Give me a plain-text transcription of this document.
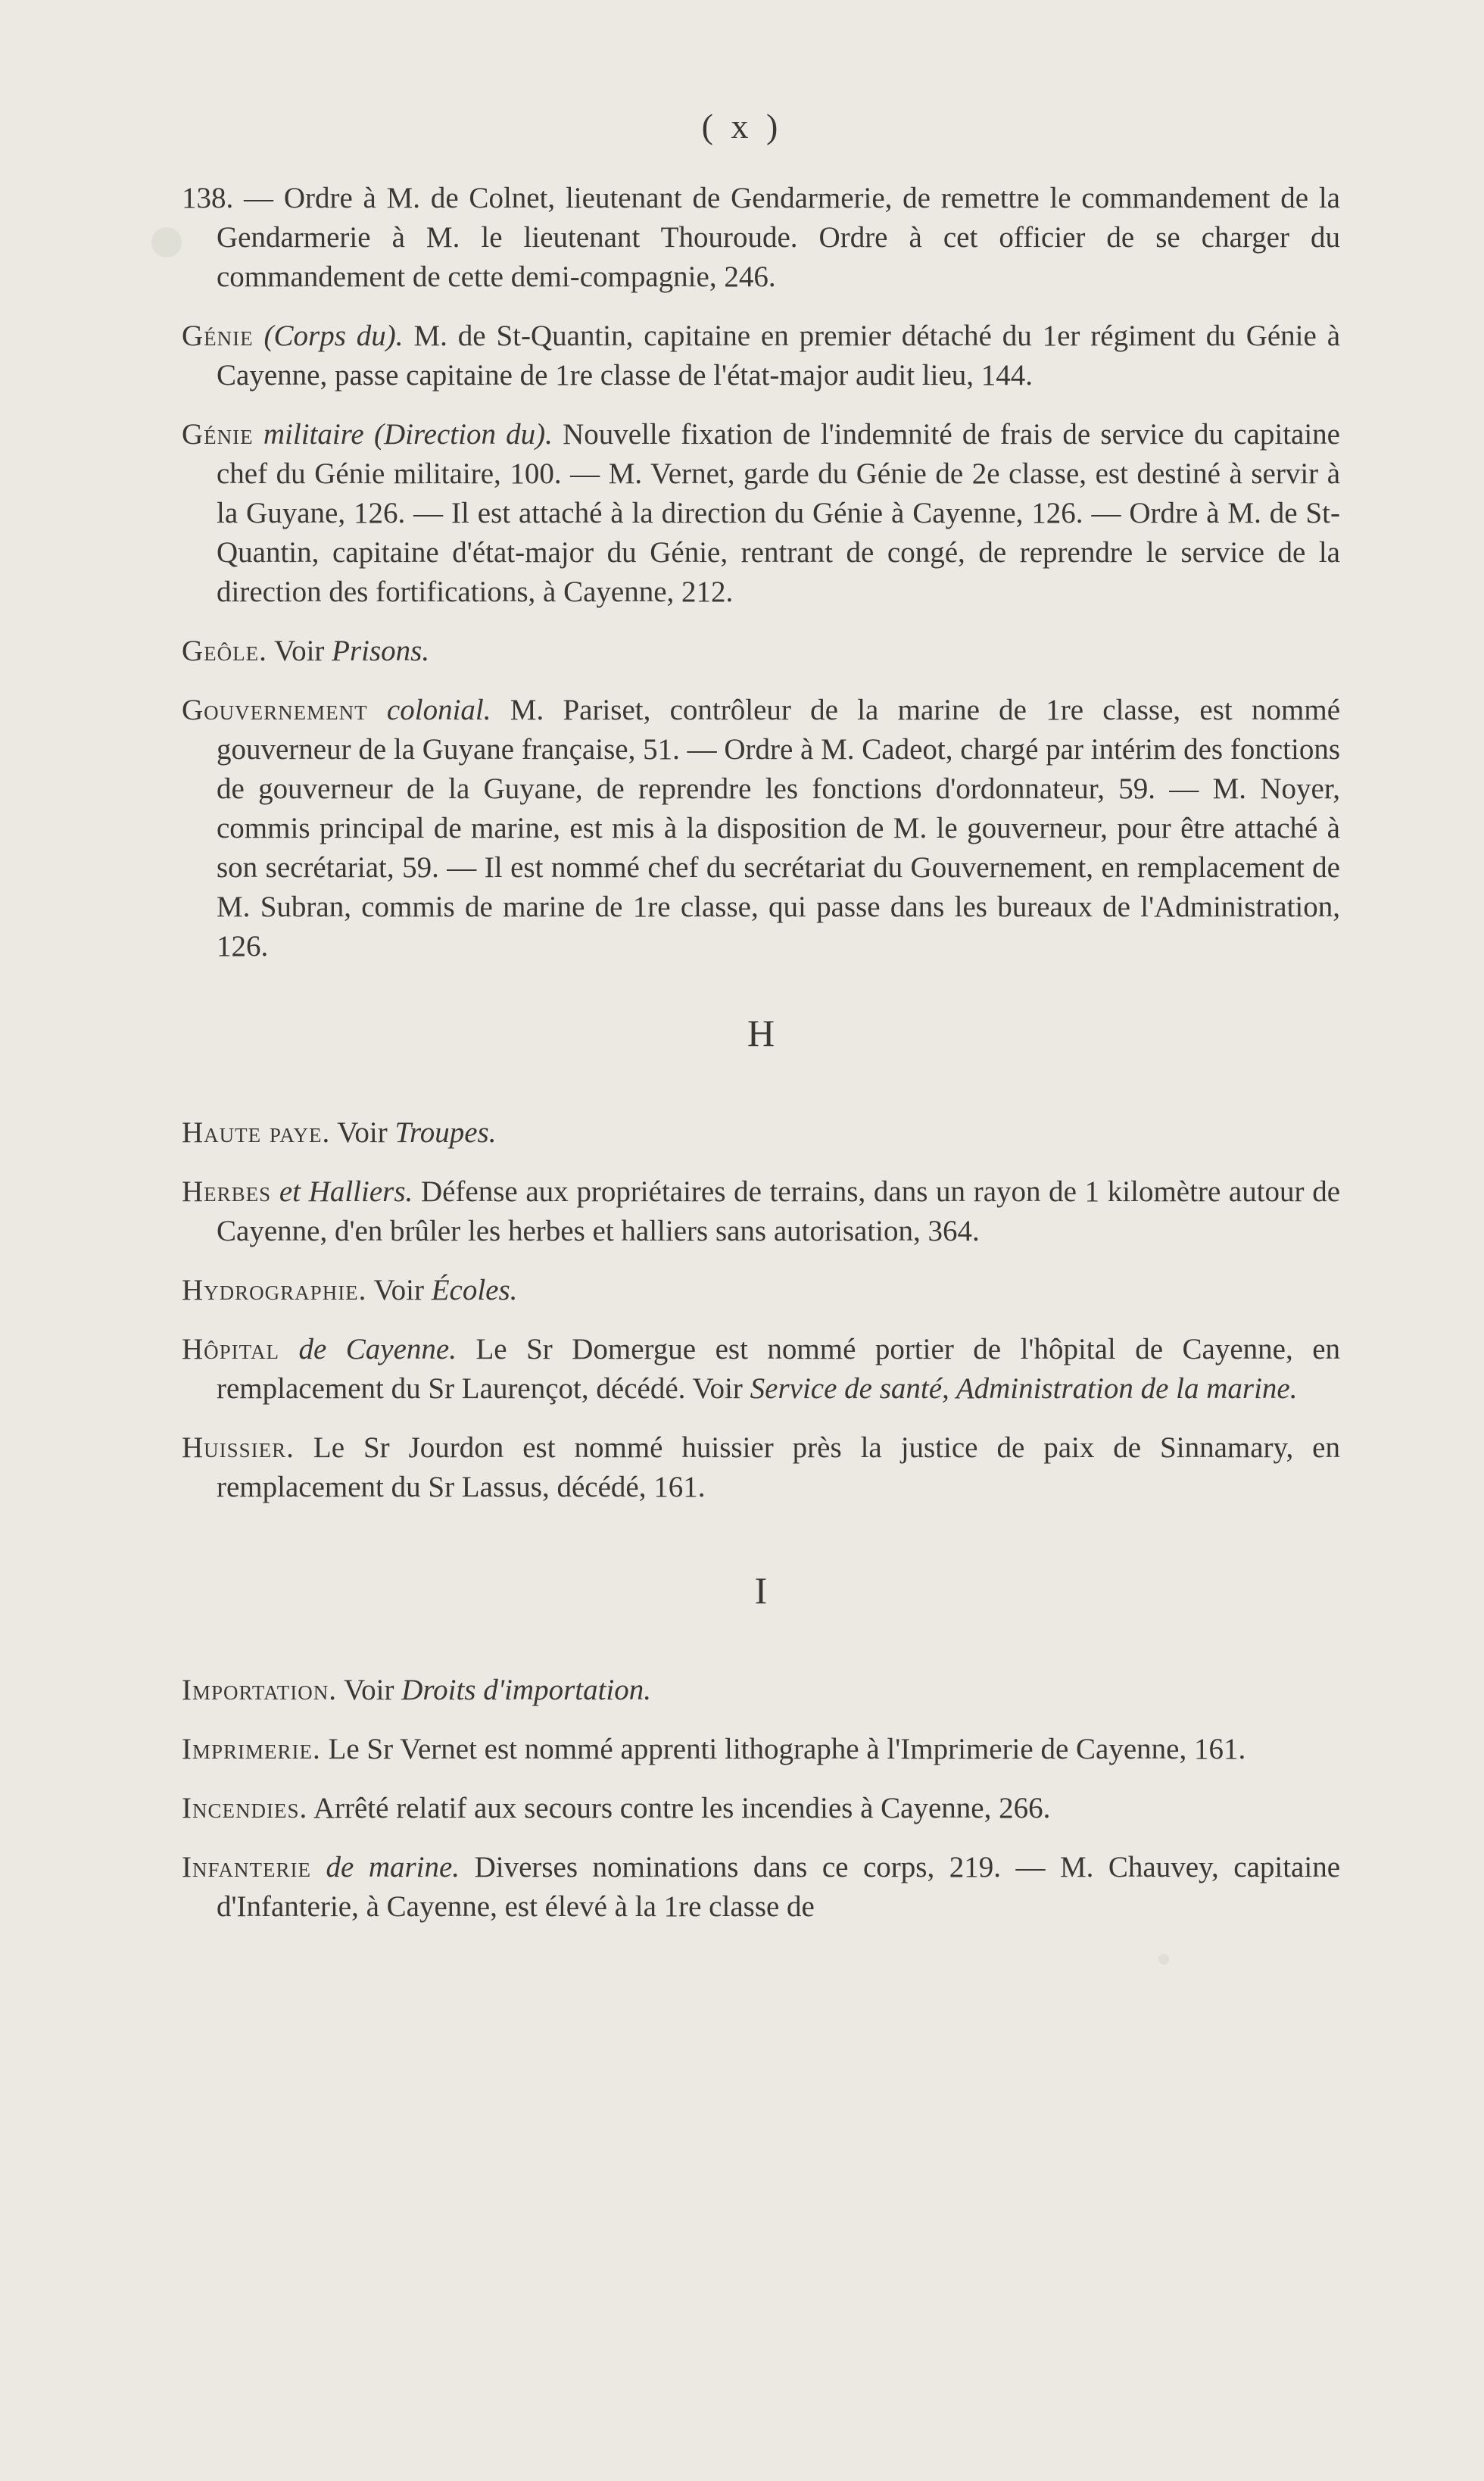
( x )

138. — Ordre à M. de Colnet, lieutenant de Gendarmerie, de remettre le commandement de la Gendarmerie à M. le lieutenant Thouroude. Ordre à cet officier de se charger du commandement de cette demi-compagnie, 246.

Génie (Corps du). M. de St-Quantin, capitaine en premier détaché du 1er régiment du Génie à Cayenne, passe capitaine de 1re classe de l'état-major audit lieu, 144.

Génie militaire (Direction du). Nouvelle fixation de l'indemnité de frais de service du capitaine chef du Génie militaire, 100. — M. Vernet, garde du Génie de 2e classe, est destiné à servir à la Guyane, 126. — Il est attaché à la direction du Génie à Cayenne, 126. — Ordre à M. de St-Quantin, capitaine d'état-major du Génie, rentrant de congé, de reprendre le service de la direction des fortifications, à Cayenne, 212.

Geôle. Voir Prisons.

Gouvernement colonial. M. Pariset, contrôleur de la marine de 1re classe, est nommé gouverneur de la Guyane française, 51. — Ordre à M. Cadeot, chargé par intérim des fonctions de gouverneur de la Guyane, de reprendre les fonctions d'ordonnateur, 59. — M. Noyer, commis principal de marine, est mis à la disposition de M. le gouverneur, pour être attaché à son secrétariat, 59. — Il est nommé chef du secrétariat du Gouvernement, en remplacement de M. Subran, commis de marine de 1re classe, qui passe dans les bureaux de l'Administration, 126.

H

Haute paye. Voir Troupes.

Herbes et Halliers. Défense aux propriétaires de terrains, dans un rayon de 1 kilomètre autour de Cayenne, d'en brûler les herbes et halliers sans autorisation, 364.

Hydrographie. Voir Écoles.

Hôpital de Cayenne. Le Sr Domergue est nommé portier de l'hôpital de Cayenne, en remplacement du Sr Laurençot, décédé. Voir Service de santé, Administration de la marine.

Huissier. Le Sr Jourdon est nommé huissier près la justice de paix de Sinnamary, en remplacement du Sr Lassus, décédé, 161.

I

Importation. Voir Droits d'importation.

Imprimerie. Le Sr Vernet est nommé apprenti lithographe à l'Imprimerie de Cayenne, 161.

Incendies. Arrêté relatif aux secours contre les incendies à Cayenne, 266.

Infanterie de marine. Diverses nominations dans ce corps, 219. — M. Chauvey, capitaine d'Infanterie, à Cayenne, est élevé à la 1re classe de
